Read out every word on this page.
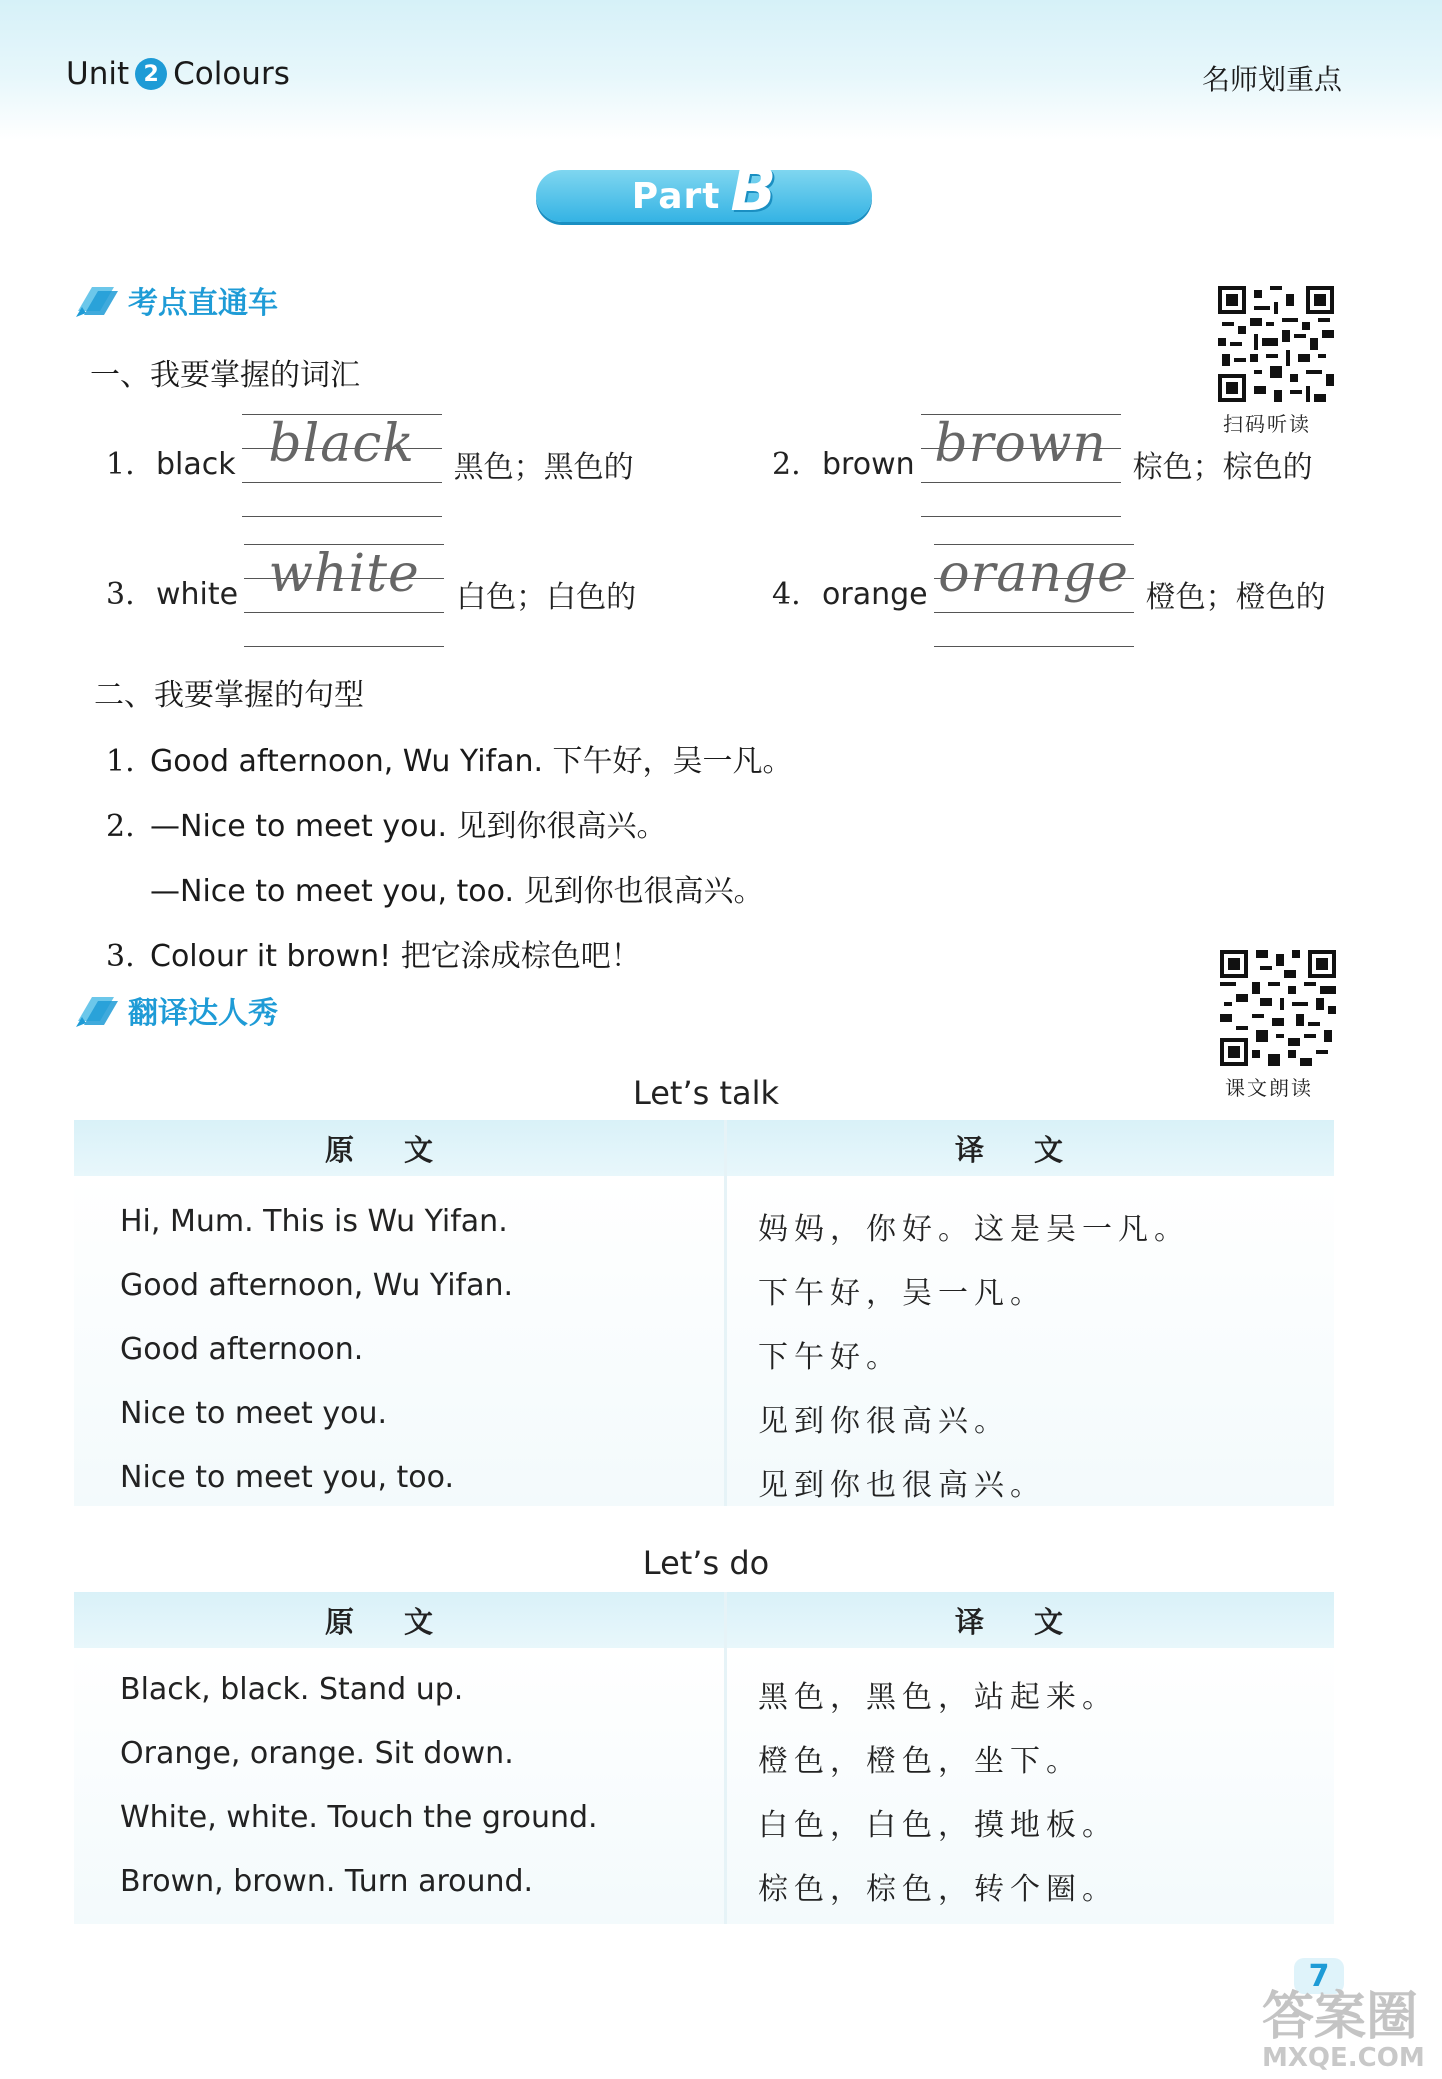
Unit 2 Colours	名师划重点
Part B
考点直通车
扫码听读
一、我要掌握的词汇
1. black black	黑色；黑色的	2. brown brown 棕色；棕色的
3. white white	白色；白色的	4. orange orange 橙色；橙色的
二、我要掌握的句型
1. Good afternoon, Wu Yifan. 下午好，吴一凡。
2. —Nice to meet you. 见到你很高兴。
—Nice to meet you, too. 见到你也很高兴。
3. Colour it brown! 把它涂成棕色吧！
翻译达人秀
课文朗读
Let’s talk
原 文	译 文
Hi, Mum. This is Wu Yifan.	妈妈，你好。这是吴一凡。
Good afternoon, Wu Yifan.	下午好，吴一凡。
Good afternoon.	下午好。
Nice to meet you.	见到你很高兴。
Nice to meet you, too.	见到你也很高兴。
Let’s do
原 文	译 文
Black, black. Stand up.	黑色，黑色，站起来。
Orange, orange. Sit down.	橙色，橙色，坐下。
White, white. Touch the ground.	白色，白色，摸地板。
Brown, brown. Turn around.	棕色，棕色，转个圈。
7
答案圈
MXQE.COM
